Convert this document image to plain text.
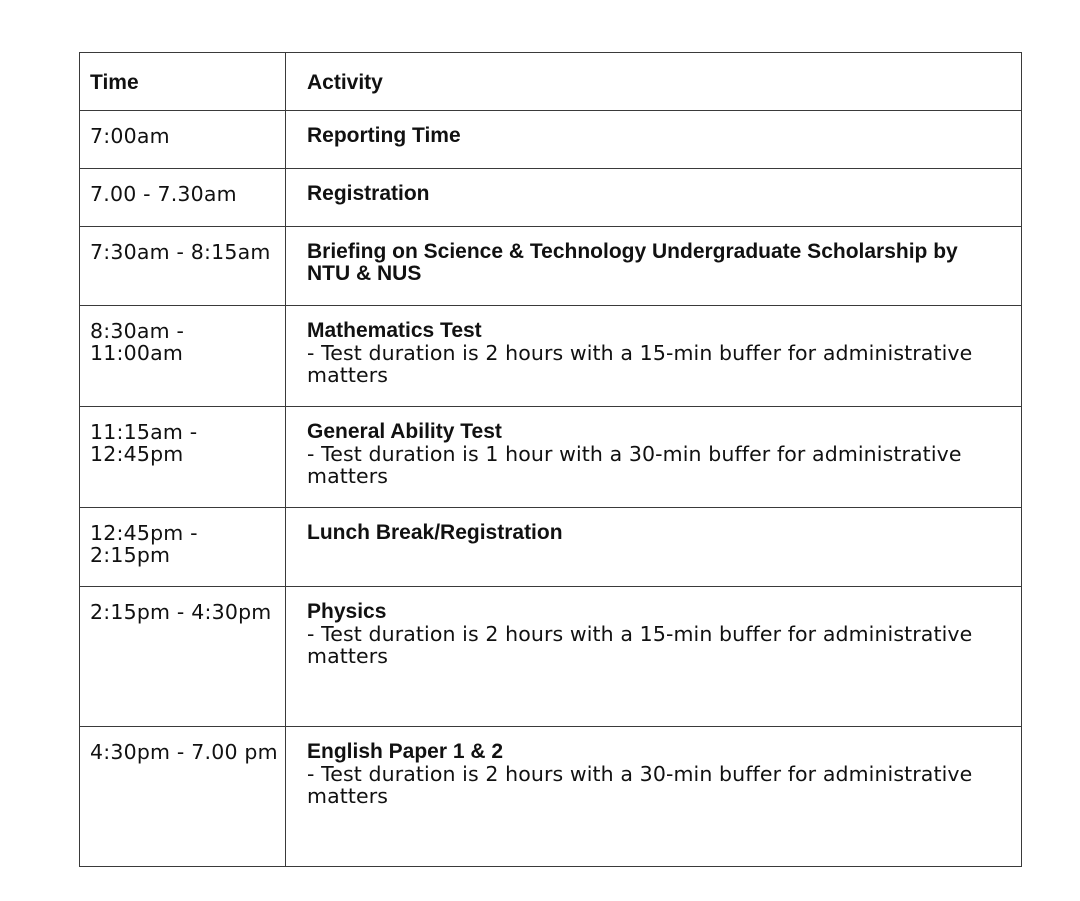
Time	Activity
7:00am	Reporting Time

7.00 - 7.30am	Registration

7:30am - 8:15am	Briefing on Science & Technology Undergraduate Scholarship by NTU & NUS

8:30am - 11:00am	Mathematics Test
- Test duration is 2 hours with a 15-min buffer for administrative matters

11:15am - 12:45pm	General Ability Test
- Test duration is 1 hour with a 30-min buffer for administrative matters

12:45pm - 2:15pm	Lunch Break/Registration

2:15pm - 4:30pm	Physics
- Test duration is 2 hours with a 15-min buffer for administrative matters

4:30pm - 7.00 pm	English Paper 1 & 2
- Test duration is 2 hours with a 30-min buffer for administrative matters
